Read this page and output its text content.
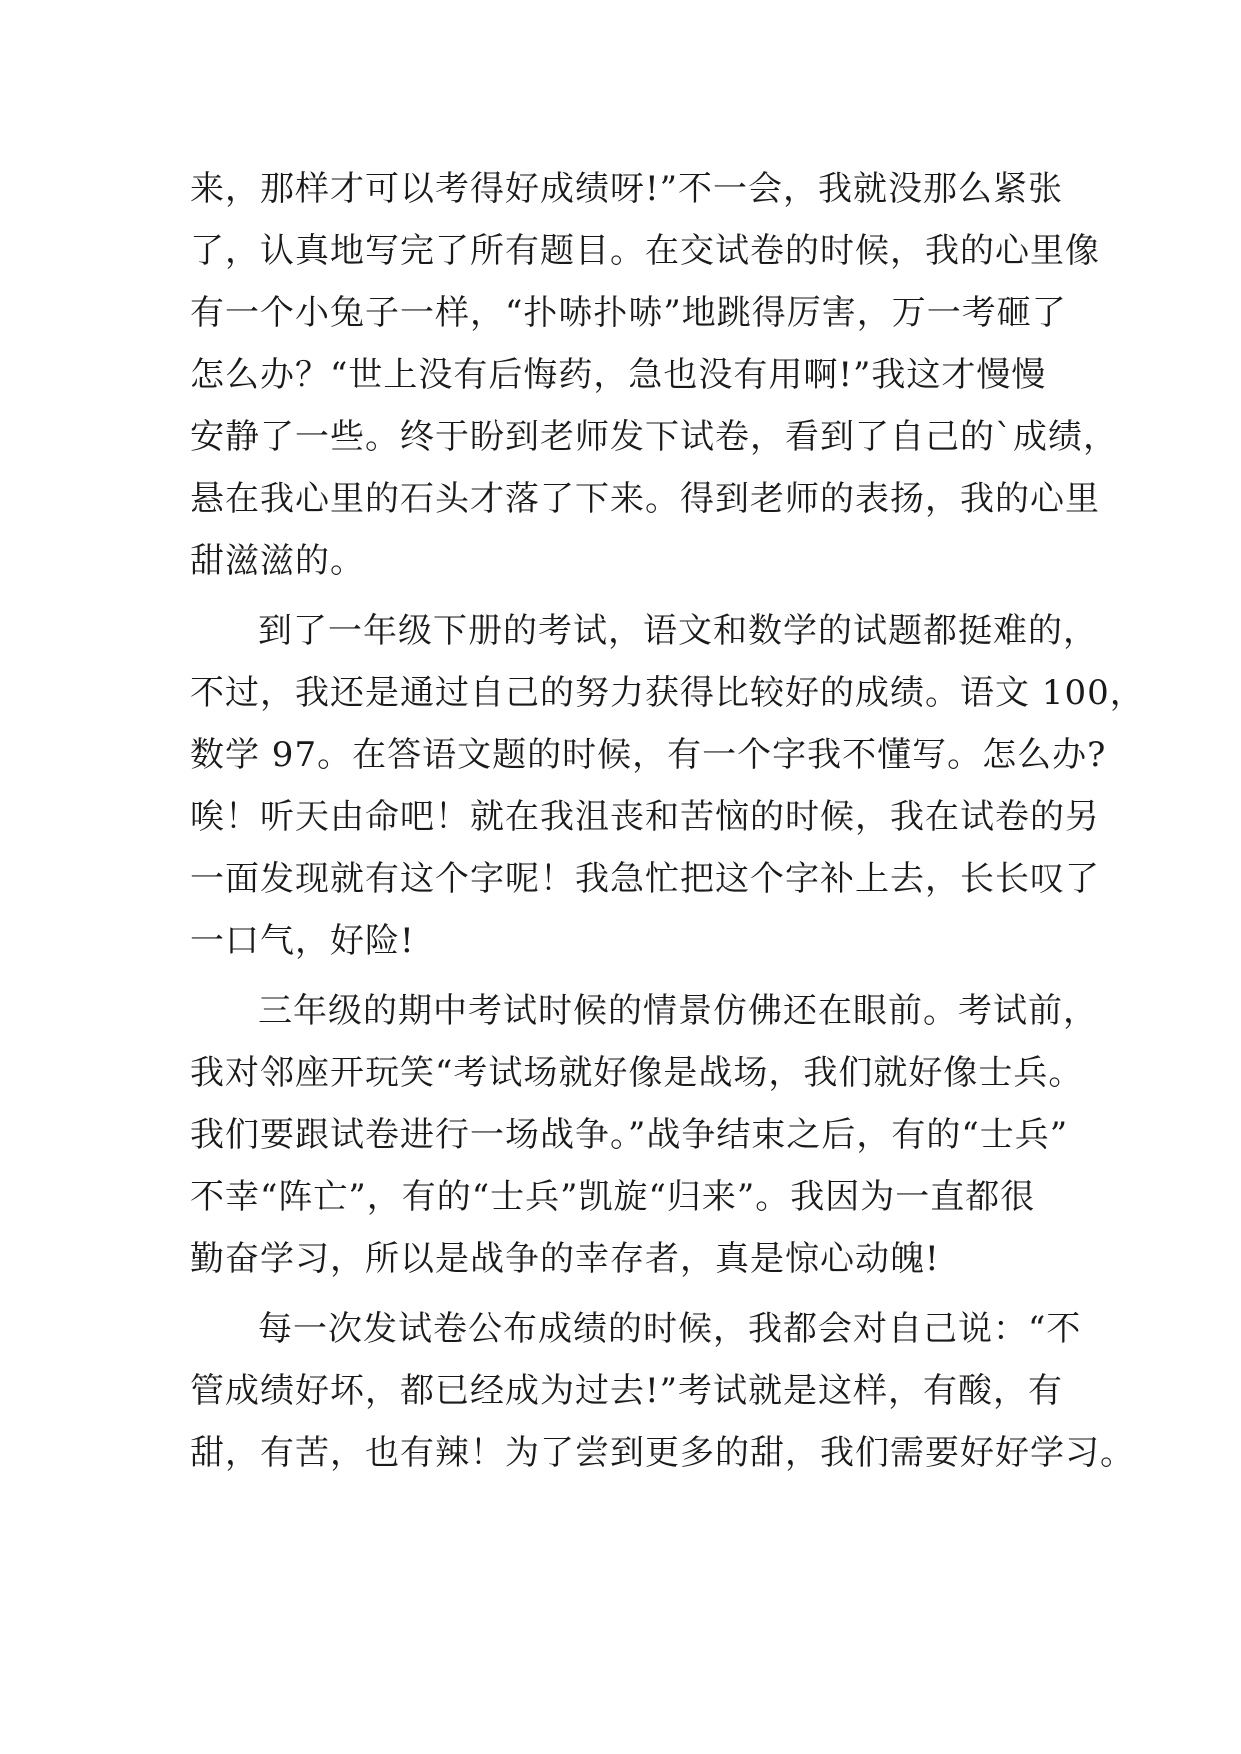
来，那样才可以考得好成绩呀!”不一会，我就没那么紧张
了，认真地写完了所有题目。在交试卷的时候，我的心里像
有一个小兔子一样，“扑哧扑哧”地跳得厉害，万一考砸了
怎么办？“世上没有后悔药，急也没有用啊!”我这才慢慢
安静了一些。终于盼到老师发下试卷，看到了自己的`成绩，
悬在我心里的石头才落了下来。得到老师的表扬，我的心里
甜滋滋的。
到了一年级下册的考试，语文和数学的试题都挺难的，
不过，我还是通过自己的努力获得比较好的成绩。语文 100，
数学 97。在答语文题的时候，有一个字我不懂写。怎么办?
唉！听天由命吧！就在我沮丧和苦恼的时候，我在试卷的另
一面发现就有这个字呢！我急忙把这个字补上去，长长叹了
一口气，好险!
三年级的期中考试时候的情景仿佛还在眼前。考试前，
我对邻座开玩笑“考试场就好像是战场，我们就好像士兵。
我们要跟试卷进行一场战争。”战争结束之后，有的“士兵”
不幸“阵亡”，有的“士兵”凯旋“归来”。我因为一直都很
勤奋学习，所以是战争的幸存者，真是惊心动魄!
每一次发试卷公布成绩的时候，我都会对自己说：“不
管成绩好坏，都已经成为过去!”考试就是这样，有酸，有
甜，有苦，也有辣！为了尝到更多的甜，我们需要好好学习。
